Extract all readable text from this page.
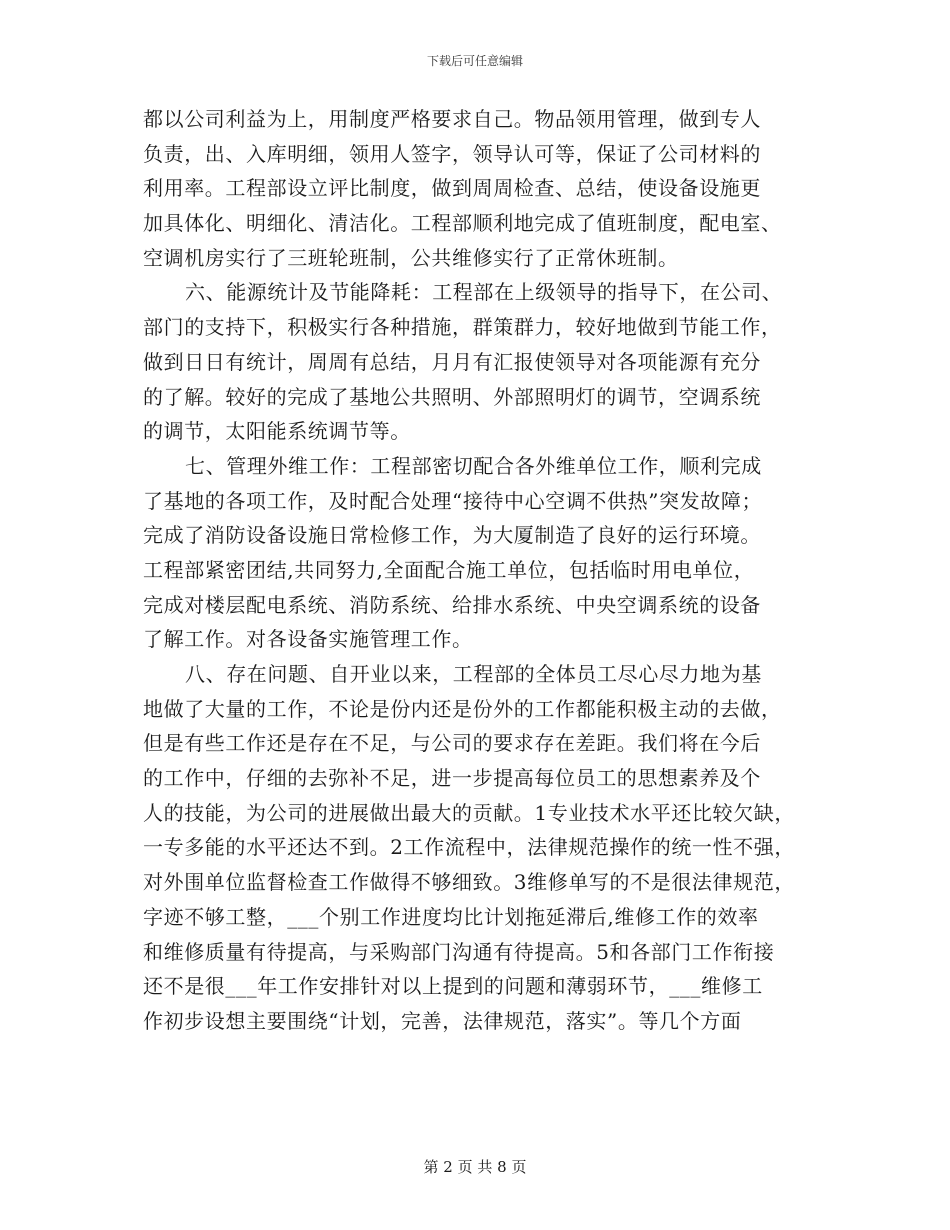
下载后可任意编辑
都以公司利益为上，用制度严格要求自己。物品领用管理，做到专人
负责，出、入库明细，领用人签字，领导认可等，保证了公司材料的
利用率。工程部设立评比制度，做到周周检查、总结，使设备设施更
加具体化、明细化、清洁化。工程部顺利地完成了值班制度，配电室、
空调机房实行了三班轮班制，公共维修实行了正常休班制。
六、能源统计及节能降耗：工程部在上级领导的指导下，在公司、
部门的支持下，积极实行各种措施，群策群力，较好地做到节能工作，
做到日日有统计，周周有总结，月月有汇报使领导对各项能源有充分
的了解。较好的完成了基地公共照明、外部照明灯的调节，空调系统
的调节，太阳能系统调节等。
七、管理外维工作：工程部密切配合各外维单位工作，顺利完成
了基地的各项工作，及时配合处理“接待中心空调不供热”突发故障；
完成了消防设备设施日常检修工作，为大厦制造了良好的运行环境。
工程部紧密团结,共同努力,全面配合施工单位，包括临时用电单位，
完成对楼层配电系统、消防系统、给排水系统、中央空调系统的设备
了解工作。对各设备实施管理工作。
八、存在问题、自开业以来，工程部的全体员工尽心尽力地为基
地做了大量的工作，不论是份内还是份外的工作都能积极主动的去做，
但是有些工作还是存在不足，与公司的要求存在差距。我们将在今后
的工作中，仔细的去弥补不足，进一步提高每位员工的思想素养及个
人的技能，为公司的进展做出最大的贡献。1专业技术水平还比较欠缺，
一专多能的水平还达不到。2工作流程中，法律规范操作的统一性不强，
对外围单位监督检查工作做得不够细致。3维修单写的不是很法律规范，
字迹不够工整，___个别工作进度均比计划拖延滞后,维修工作的效率
和维修质量有待提高，与采购部门沟通有待提高。5和各部门工作衔接
还不是很___年工作安排针对以上提到的问题和薄弱环节，___维修工
作初步设想主要围绕“计划，完善，法律规范，落实”。等几个方面
第 2 页 共 8 页
